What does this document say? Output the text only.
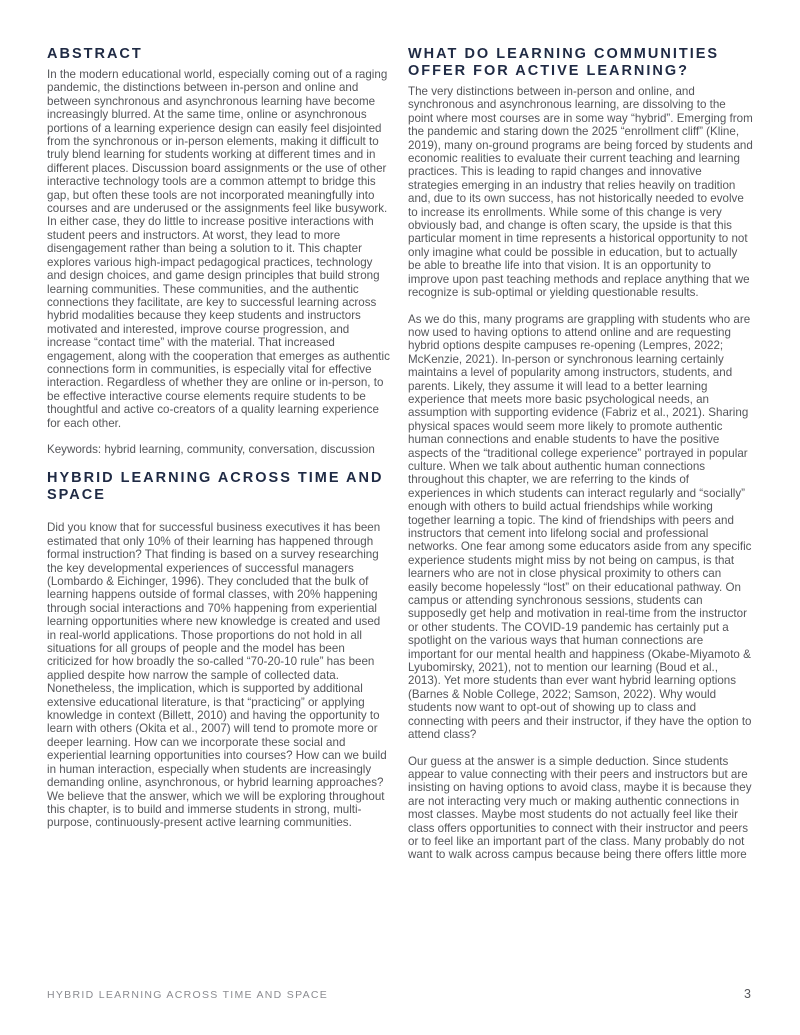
ABSTRACT

In the modern educational world, especially coming out of a raging pandemic, the distinctions between in-person and online and between synchronous and asynchronous learning have become increasingly blurred. At the same time, online or asynchronous portions of a learning experience design can easily feel disjointed from the synchronous or in-person elements, making it difficult to truly blend learning for students working at different times and in different places. Discussion board assignments or the use of other interactive technology tools are a common attempt to bridge this gap, but often these tools are not incorporated meaningfully into courses and are underused or the assignments feel like busywork. In either case, they do little to increase positive interactions with student peers and instructors. At worst, they lead to more disengagement rather than being a solution to it. This chapter explores various high-impact pedagogical practices, technology and design choices, and game design principles that build strong learning communities. These communities, and the authentic connections they facilitate, are key to successful learning across hybrid modalities because they keep students and instructors motivated and interested, improve course progression, and increase “contact time” with the material. That increased engagement, along with the cooperation that emerges as authentic connections form in communities, is especially vital for effective interaction. Regardless of whether they are online or in-person, to be effective interactive course elements require students to be thoughtful and active co-creators of a quality learning experience for each other.

Keywords: hybrid learning, community, conversation, discussion

HYBRID LEARNING ACROSS TIME AND SPACE

Did you know that for successful business executives it has been estimated that only 10% of their learning has happened through formal instruction? That finding is based on a survey researching the key developmental experiences of successful managers (Lombardo & Eichinger, 1996). They concluded that the bulk of learning happens outside of formal classes, with 20% happening through social interactions and 70% happening from experiential learning opportunities where new knowledge is created and used in real-world applications. Those proportions do not hold in all situations for all groups of people and the model has been criticized for how broadly the so-called “70-20-10 rule” has been applied despite how narrow the sample of collected data. Nonetheless, the implication, which is supported by additional extensive educational literature, is that “practicing” or applying knowledge in context (Billett, 2010) and having the opportunity to learn with others (Okita et al., 2007) will tend to promote more or deeper learning. How can we incorporate these social and experiential learning opportunities into courses? How can we build in human interaction, especially when students are increasingly demanding online, asynchronous, or hybrid learning approaches? We believe that the answer, which we will be exploring throughout this chapter, is to build and immerse students in strong, multi-purpose, continuously-present active learning communities.

WHAT DO LEARNING COMMUNITIES OFFER FOR ACTIVE LEARNING?

The very distinctions between in-person and online, and synchronous and asynchronous learning, are dissolving to the point where most courses are in some way “hybrid”. Emerging from the pandemic and staring down the 2025 “enrollment cliff” (Kline, 2019), many on-ground programs are being forced by students and economic realities to evaluate their current teaching and learning practices. This is leading to rapid changes and innovative strategies emerging in an industry that relies heavily on tradition and, due to its own success, has not historically needed to evolve to increase its enrollments. While some of this change is very obviously bad, and change is often scary, the upside is that this particular moment in time represents a historical opportunity to not only imagine what could be possible in education, but to actually be able to breathe life into that vision. It is an opportunity to improve upon past teaching methods and replace anything that we recognize is sub-optimal or yielding questionable results.

As we do this, many programs are grappling with students who are now used to having options to attend online and are requesting hybrid options despite campuses re-opening (Lempres, 2022; McKenzie, 2021). In-person or synchronous learning certainly maintains a level of popularity among instructors, students, and parents. Likely, they assume it will lead to a better learning experience that meets more basic psychological needs, an assumption with supporting evidence (Fabriz et al., 2021). Sharing physical spaces would seem more likely to promote authentic human connections and enable students to have the positive aspects of the “traditional college experience” portrayed in popular culture. When we talk about authentic human connections throughout this chapter, we are referring to the kinds of experiences in which students can interact regularly and “socially” enough with others to build actual friendships while working together learning a topic. The kind of friendships with peers and instructors that cement into lifelong social and professional networks. One fear among some educators aside from any specific experience students might miss by not being on campus, is that learners who are not in close physical proximity to others can easily become hopelessly “lost” on their educational pathway. On campus or attending synchronous sessions, students can supposedly get help and motivation in real-time from the instructor or other students. The COVID-19 pandemic has certainly put a spotlight on the various ways that human connections are important for our mental health and happiness (Okabe-Miyamoto & Lyubomirsky, 2021), not to mention our learning (Boud et al., 2013). Yet more students than ever want hybrid learning options (Barnes & Noble College, 2022; Samson, 2022). Why would students now want to opt-out of showing up to class and connecting with peers and their instructor, if they have the option to attend class?

Our guess at the answer is a simple deduction. Since students appear to value connecting with their peers and instructors but are insisting on having options to avoid class, maybe it is because they are not interacting very much or making authentic connections in most classes. Maybe most students do not actually feel like their class offers opportunities to connect with their instructor and peers or to feel like an important part of the class. Many probably do not want to walk across campus because being there offers little more

HYBRID LEARNING ACROSS TIME AND SPACE	3
